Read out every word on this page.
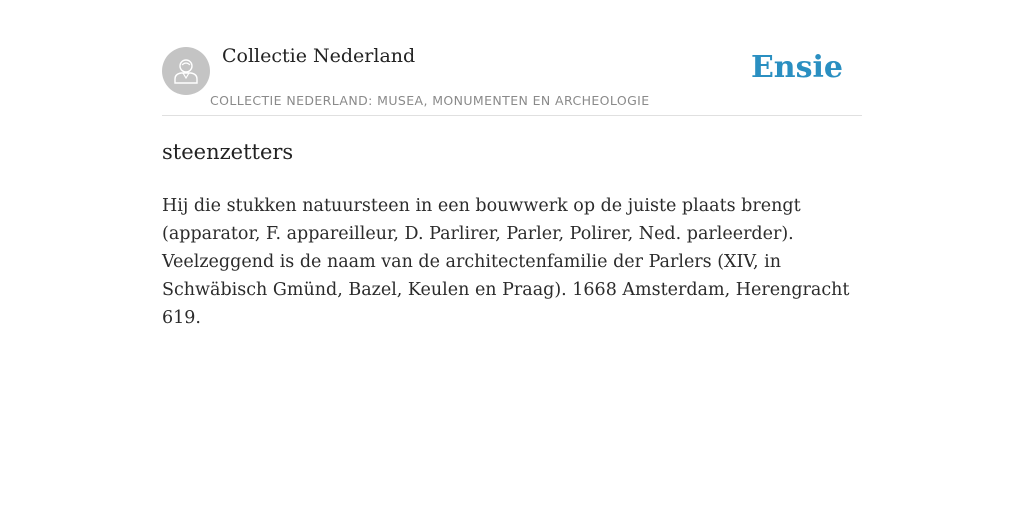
Collectie Nederland
COLLECTIE NEDERLAND: MUSEA, MONUMENTEN EN ARCHEOLOGIE
Ensie
steenzetters

Hij die stukken natuursteen in een bouwwerk op de juiste plaats brengt (apparator, F. appareilleur, D. Parlirer, Parler, Polirer, Ned. parleerder). Veelzeggend is de naam van de architectenfamilie der Parlers (XIV, in Schwäbisch Gmünd, Bazel, Keulen en Praag). 1668 Amsterdam, Herengracht 619.
